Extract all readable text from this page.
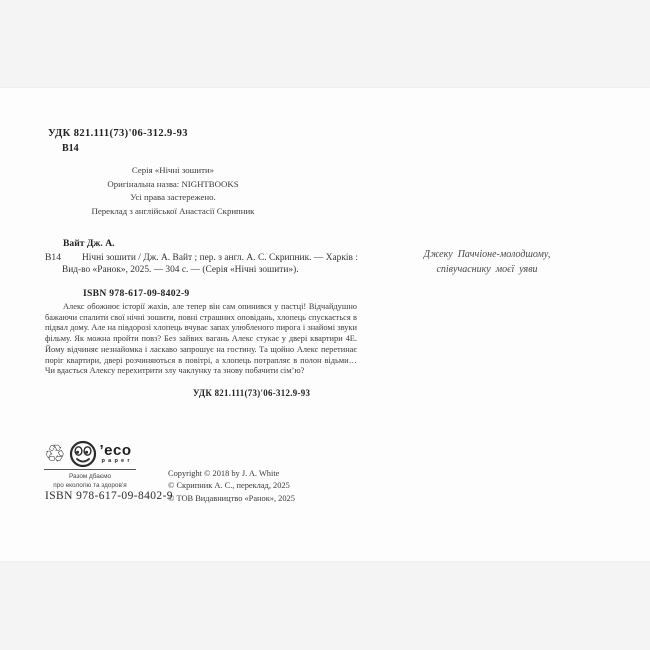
УДК 821.111(73)'06-312.9-93
В14
Серія «Нічні зошити»
Оригінальна назва: NIGHTBOOKS
Усі права застережено.
Переклад з англійської Анастасії Скрипник
Вайт Дж. А.
В14	Нічні зошити / Дж. А. Вайт ; пер. з англ. А. С. Скрипник. — Харків : Вид-во «Ранок», 2025. — 304 с. — (Серія «Нічні зошити»).
ISBN 978-617-09-8402-9
Алекс обожнює історії жахів, але тепер він сам опинився у пастці! Відчайдушно бажаючи спалити свої нічні зошити, повні страшних оповідань, хлопець спускається в підвал дому. Але на півдорозі хлопець вчуває запах улюбленого пирога і знайомі звуки фільму. Як можна пройти повз? Без зайвих вагань Алекс стукає у двері квартири 4Е. Йому відчиняє незнайомка і ласкаво запрошує на гостину. Та щойно Алекс перетинає поріг квартири, двері розчиняються в повітрі, а хлопець потрапляє в полон відьми… Чи вдасться Алексу перехитрити злу чаклунку та знову побачити сім’ю?
УДК 821.111(73)'06-312.9-93
♲ ’eco
paper
Разом дбаємо
про екологію та здоров’я
ISBN 978-617-09-8402-9
Copyright © 2018 by J. A. White
© Скрипник А. С., переклад, 2025
© ТОВ Видавництво «Ранок», 2025
Джеку Паччіоне-молодшому,
співучаснику моєї уяви
